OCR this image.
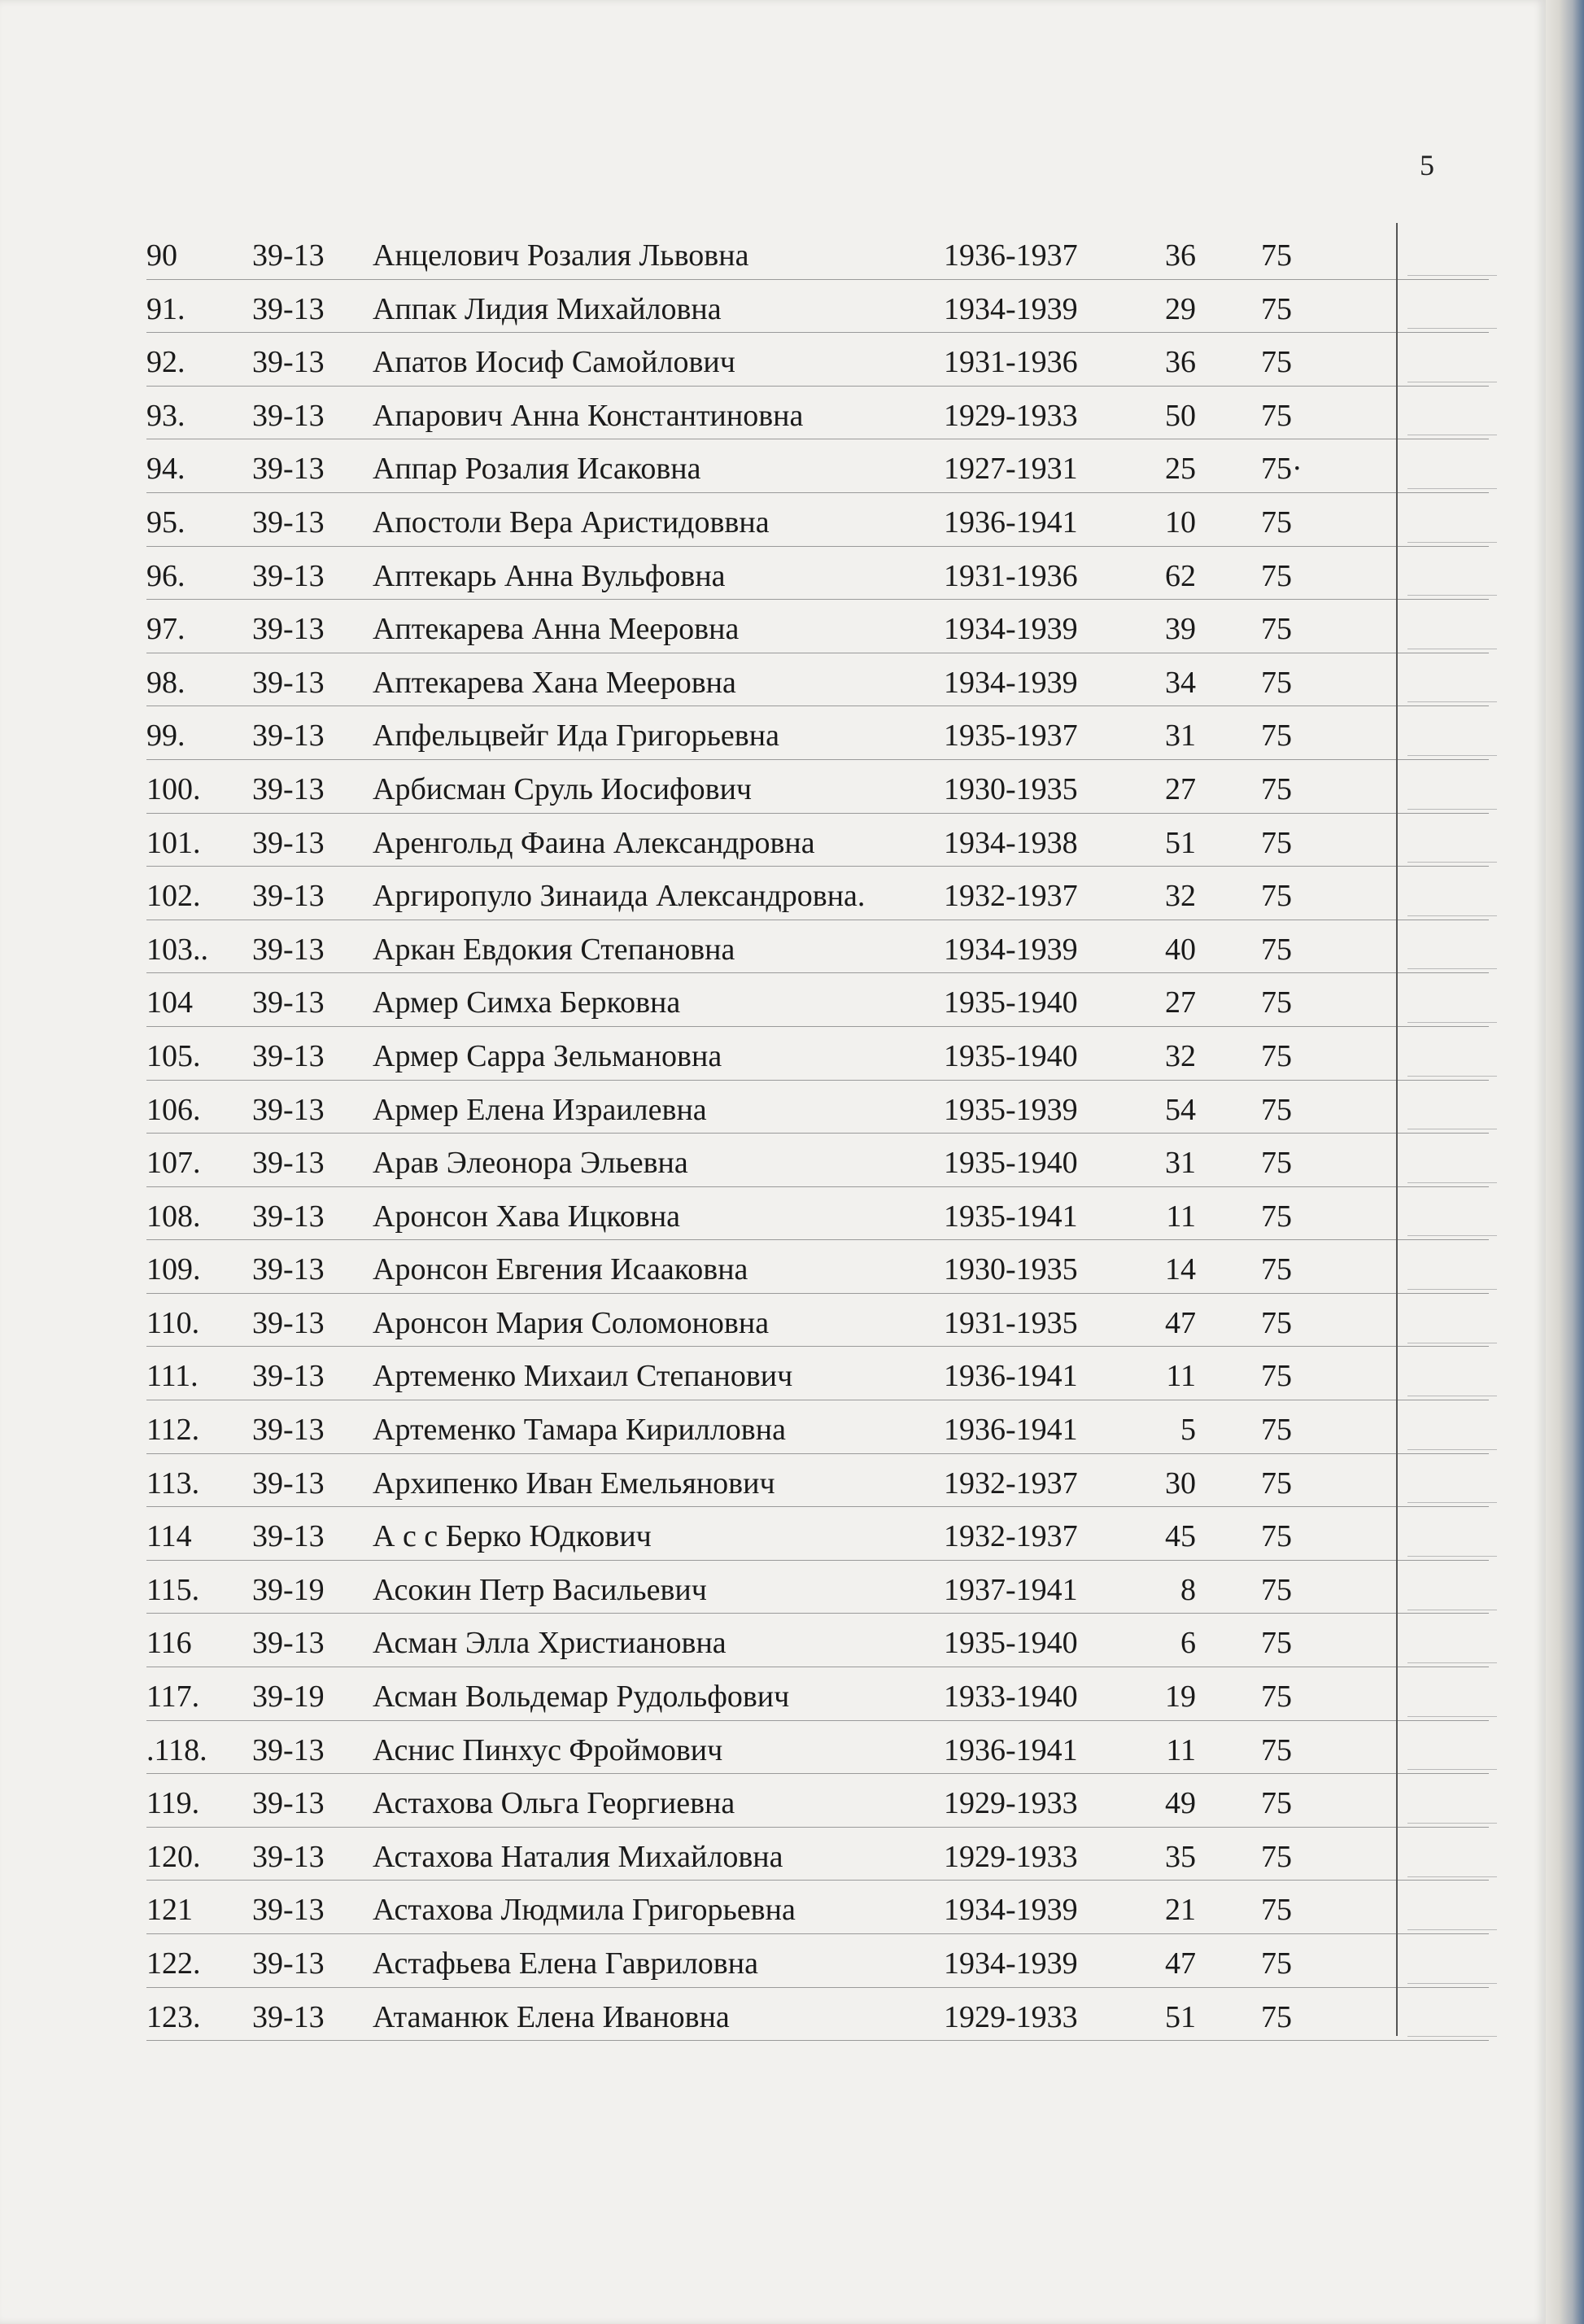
5
90 39-13 Анцелович Розалия Львовна	1936-1937	36 75
91. 39-13 Аппак Лидия Михайловна	1934-1939	29 75
92. 39-13 Апатов Иосиф Самойлович	1931-1936	36 75
93. 39-13 Апарович Анна Константиновна	1929-1933	50 75
94. 39-13 Аппар Розалия Исаковна	1927-1931	25 75·
95. 39-13 Апостоли Вера Аристидоввна	1936-1941	10 75
96. 39-13 Аптекарь Анна Вульфовна	1931-1936	62 75
97. 39-13 Аптекарева Анна Мееровна	1934-1939	39 75
98. 39-13 Аптекарева Хана Мееровна	1934-1939	34 75
99. 39-13 Апфельцвейг Ида Григорьевна	1935-1937	31 75
100. 39-13 Арбисман Сруль Иосифович	1930-1935	27 75
101. 39-13 Аренгольд Фаина Александровна	1934-1938	51 75
102. 39-13 Аргиропуло Зинаида Александровна.	1932-1937	32 75
103.. 39-13 Аркан Евдокия Степановна	1934-1939	40 75
104 39-13 Армер Симха Берковна	1935-1940	27 75
105. 39-13 Армер Сарра Зельмановна	1935-1940	32 75
106. 39-13 Армер Елена Израилевна	1935-1939	54 75
107. 39-13 Арав Элеонора Эльевна	1935-1940	31 75
108. 39-13 Аронсон Хава Ицковна	1935-1941	11 75
109. 39-13 Аронсон Евгения Исааковна	1930-1935	14 75
110. 39-13 Аронсон Мария Соломоновна	1931-1935	47 75
111. 39-13 Артеменко Михаил Степанович	1936-1941	11 75
112. 39-13 Артеменко Тамара Кирилловна	1936-1941	5 75
113. 39-13 Архипенко Иван Емельянович	1932-1937	30 75
114 39-13 А с с Берко Юдкович	1932-1937	45 75
115. 39-19 Асокин Петр Васильевич	1937-1941	8 75
116 39-13 Асман Элла Христиановна	1935-1940	6 75
117. 39-19 Асман Вольдемар Рудольфович	1933-1940	19 75
.118. 39-13 Аснис Пинхус Фроймович	1936-1941	11 75
119. 39-13 Астахова Ольга Георгиевна	1929-1933	49 75
120. 39-13 Астахова Наталия Михайловна	1929-1933	35 75
121 39-13 Астахова Людмила Григорьевна	1934-1939	21 75
122. 39-13 Астафьева Елена Гавриловна	1934-1939	47 75
123. 39-13 Атаманюк Елена Ивановна	1929-1933	51 75
